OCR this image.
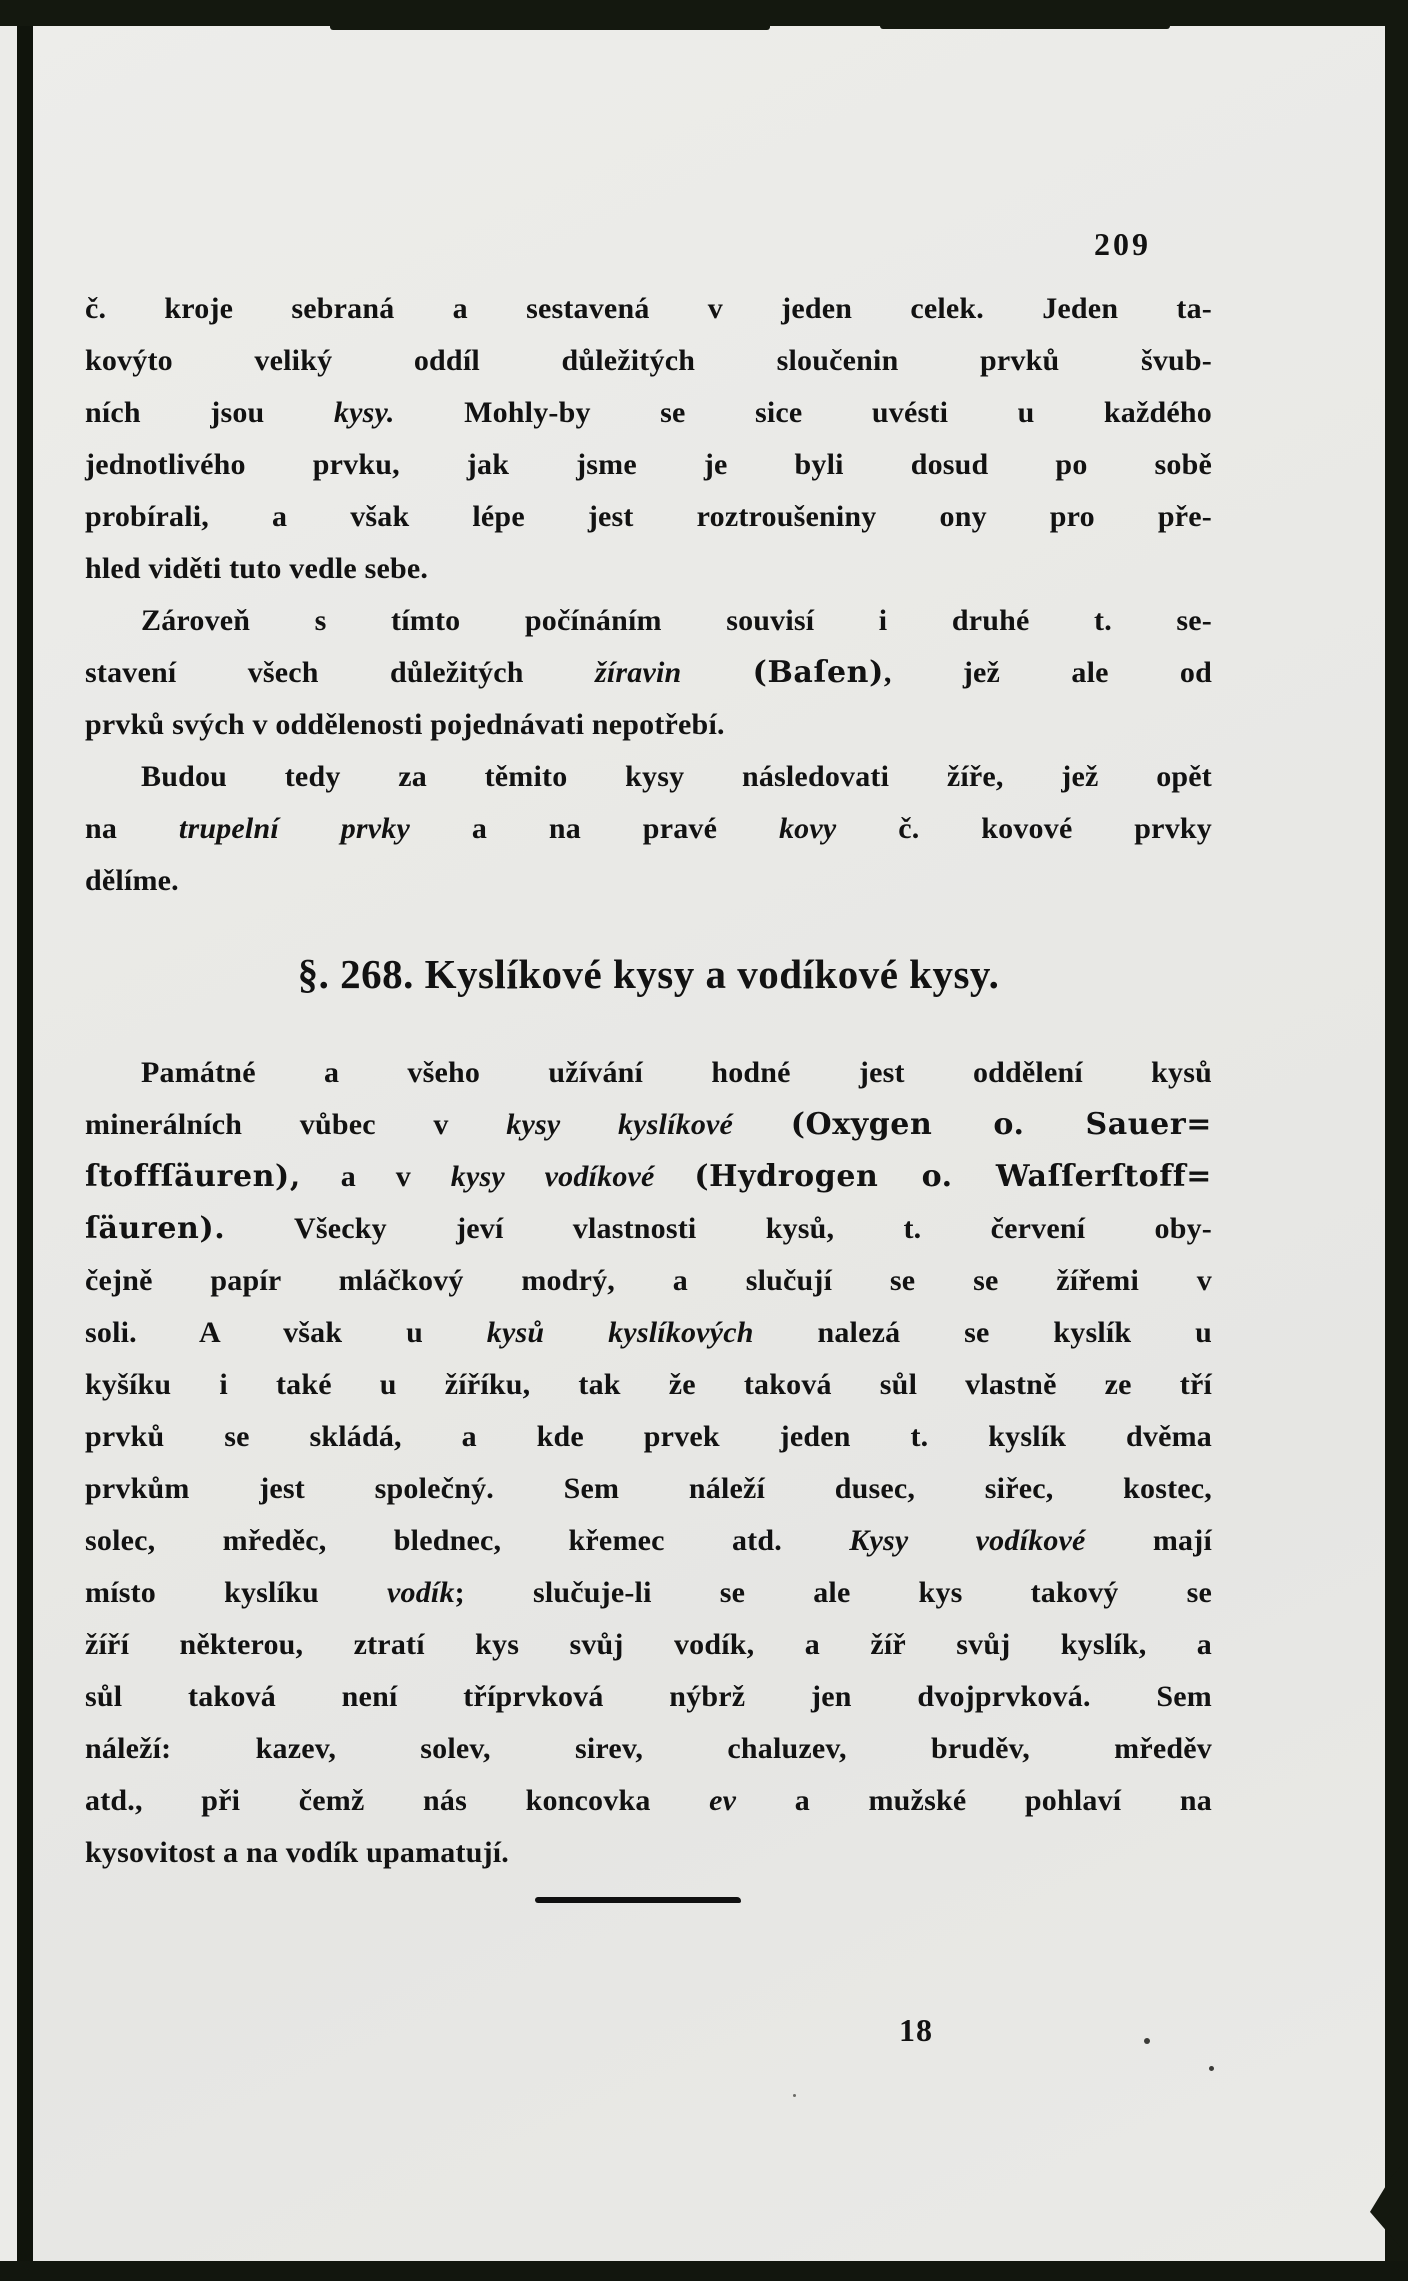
209
č. kroje sebraná a sestavená v jeden celek. Jeden ta-
kovýto veliký oddíl důležitých sloučenin prvků švub-
ních jsou kysy. Mohly-by se sice uvésti u každého
jednotlivého prvku, jak jsme je byli dosud po sobě
probírali, a však lépe jest roztroušeniny ony pro pře-
hled viděti tuto vedle sebe.
Zároveň s tímto počínáním souvisí i druhé t. se-
stavení všech důležitých žíravin (Baſen), jež ale od
prvků svých v oddělenosti pojednávati nepotřebí.
Budou tedy za těmito kysy následovati žíře, jež opět
na trupelní prvky a na pravé kovy č. kovové prvky
dělíme.
§. 268. Kyslíkové kysy a vodíkové kysy.
Památné a všeho užívání hodné jest oddělení kysů
minerálních vůbec v kysy kyslíkové (Oxygen o. Sauer=
ſtoffſäuren), a v kysy vodíkové (Hydrogen o. Waſſerſtoff=
ſäuren). Všecky jeví vlastnosti kysů, t. červení oby-
čejně papír mláčkový modrý, a slučují se se žířemi v
soli. A však u kysů kyslíkových nalezá se kyslík u
kyšíku i také u žíříku, tak že taková sůl vlastně ze tří
prvků se skládá, a kde prvek jeden t. kyslík dvěma
prvkům jest společný. Sem náleží dusec, siřec, kostec,
solec, mředěc, blednec, křemec atd. Kysy vodíkové mají
místo kyslíku vodík; slučuje-li se ale kys takový se
žíří některou, ztratí kys svůj vodík, a žíř svůj kyslík, a
sůl taková není tříprvková nýbrž jen dvojprvková. Sem
náleží: kazev, solev, sirev, chaluzev, bruděv, mředěv
atd., při čemž nás koncovka ev a mužské pohlaví na
kysovitost a na vodík upamatují.
18
